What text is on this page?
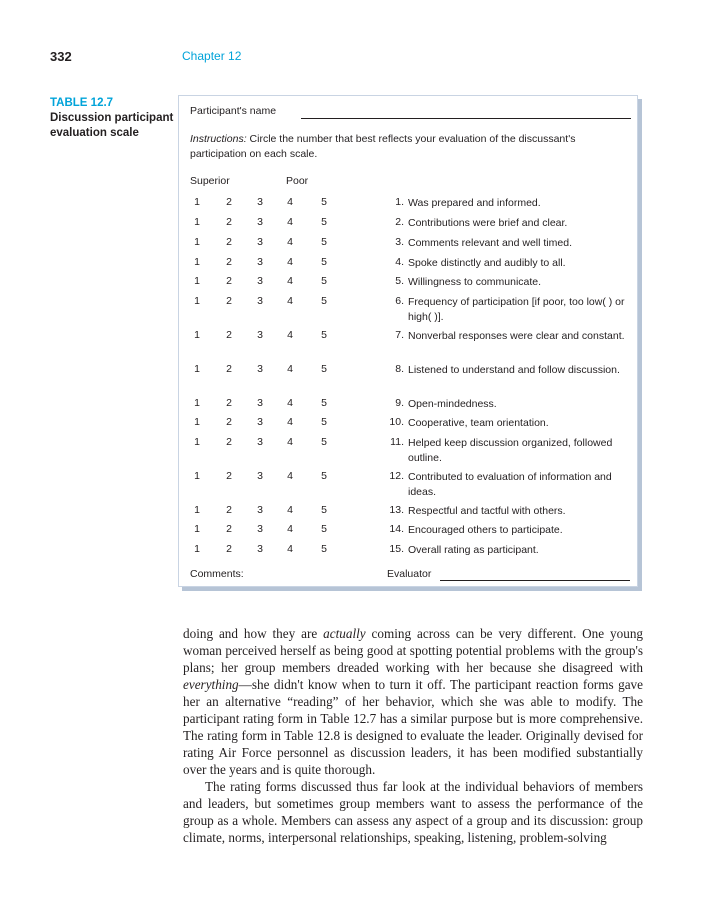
332	Chapter 12
TABLE 12.7
Discussion participant evaluation scale
Participant's name
Instructions: Circle the number that best reflects your evaluation of the discussant's participation on each scale.
Superior	Poor
1 2 3 4	5	1. Was prepared and informed.
1 2 3 4	5	2. Contributions were brief and clear.
1 2 3 4	5	3. Comments relevant and well timed.
1 2 3 4	5	4. Spoke distinctly and audibly to all.
1 2 3 4	5	5. Willingness to communicate.
1 2 3 4	5	6. Frequency of participation [if poor, too low( ) or high( )].
1 2 3 4	5	7. Nonverbal responses were clear and constant.
1 2 3 4	5	8. Listened to understand and follow discussion.
1 2 3 4	5	9. Open-mindedness.
1 2 3 4	5	10. Cooperative, team orientation.
1 2 3 4	5	11. Helped keep discussion organized, followed outline.
1 2 3 4	5	12. Contributed to evaluation of information and ideas.
1 2 3 4	5	13. Respectful and tactful with others.
1 2 3 4	5	14. Encouraged others to participate.
1 2 3 4	5	15. Overall rating as participant.
Comments:	Evaluator

doing and how they are actually coming across can be very different. One young woman perceived herself as being good at spotting potential problems with the group's plans; her group members dreaded working with her because she disagreed with everything—she didn't know when to turn it off. The participant reaction forms gave her an alternative “reading” of her behavior, which she was able to modify. The participant rating form in Table 12.7 has a similar purpose but is more comprehensive. The rating form in Table 12.8 is designed to evaluate the leader. Originally devised for rating Air Force personnel as discussion leaders, it has been modified substantially over the years and is quite thorough.

The rating forms discussed thus far look at the individual behaviors of members and leaders, but sometimes group members want to assess the performance of the group as a whole. Members can assess any aspect of a group and its discussion: group climate, norms, interpersonal relationships, speaking, listening, problem-solving
